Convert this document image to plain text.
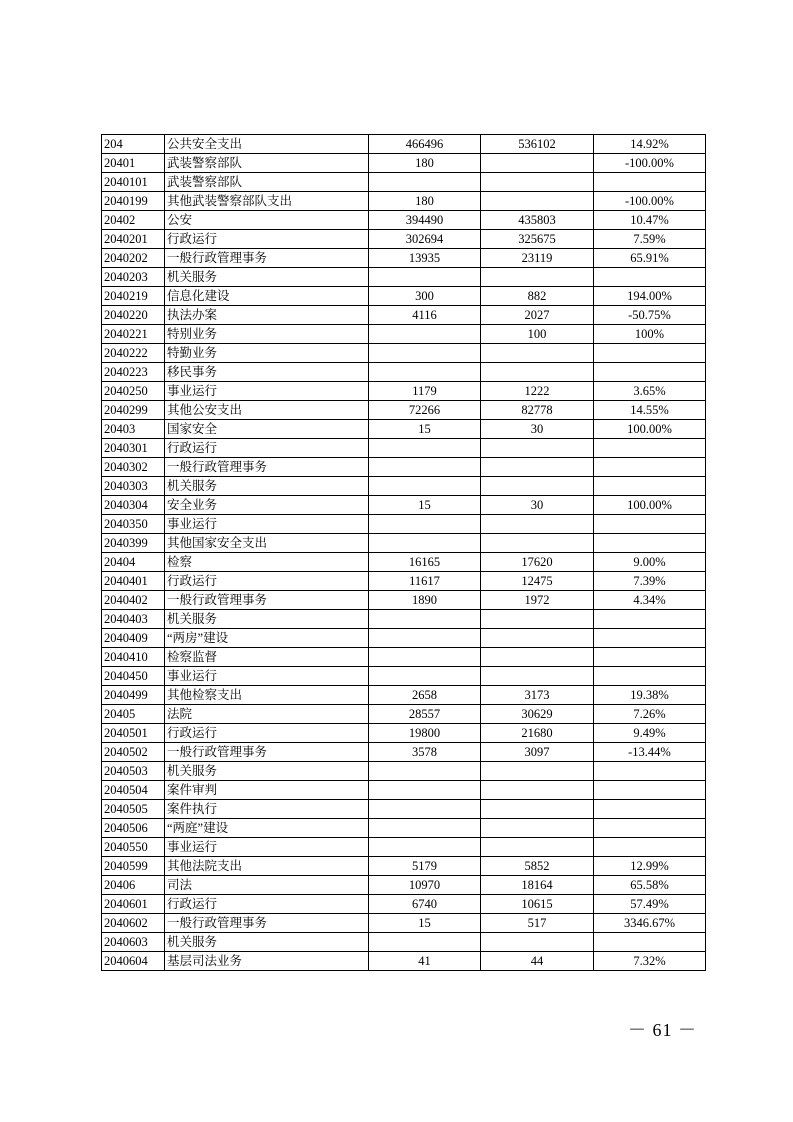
204	公共安全支出	466496	536102	14.92%
20401	武装警察部队	180		-100.00%
2040101	武装警察部队			
2040199	其他武装警察部队支出	180		-100.00%
20402	公安	394490	435803	10.47%
2040201	行政运行	302694	325675	7.59%
2040202	一般行政管理事务	13935	23119	65.91%
2040203	机关服务			
2040219	信息化建设	300	882	194.00%
2040220	执法办案	4116	2027	-50.75%
2040221	特别业务		100	100%
2040222	特勤业务			
2040223	移民事务			
2040250	事业运行	1179	1222	3.65%
2040299	其他公安支出	72266	82778	14.55%
20403	国家安全	15	30	100.00%
2040301	行政运行			
2040302	一般行政管理事务			
2040303	机关服务			
2040304	安全业务	15	30	100.00%
2040350	事业运行			
2040399	其他国家安全支出			
20404	检察	16165	17620	9.00%
2040401	行政运行	11617	12475	7.39%
2040402	一般行政管理事务	1890	1972	4.34%
2040403	机关服务			
2040409	“两房”建设			
2040410	检察监督			
2040450	事业运行			
2040499	其他检察支出	2658	3173	19.38%
20405	法院	28557	30629	7.26%
2040501	行政运行	19800	21680	9.49%
2040502	一般行政管理事务	3578	3097	-13.44%
2040503	机关服务			
2040504	案件审判			
2040505	案件执行			
2040506	“两庭”建设			
2040550	事业运行			
2040599	其他法院支出	5179	5852	12.99%
20406	司法	10970	18164	65.58%
2040601	行政运行	6740	10615	57.49%
2040602	一般行政管理事务	15	517	3346.67%
2040603	机关服务			
2040604	基层司法业务	41	44	7.32%
－ 61 －
